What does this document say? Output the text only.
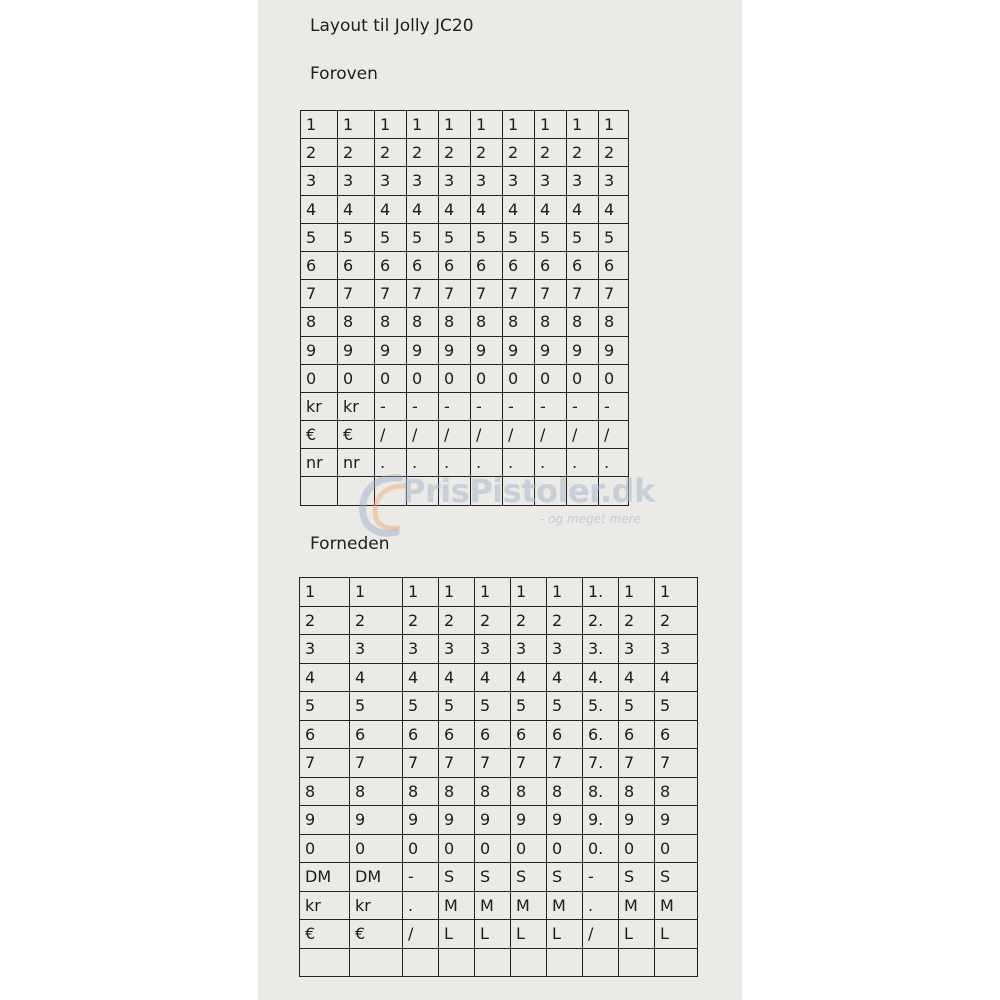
Layout til Jolly JC20
Foroven
1	1	1	1	1	1	1	1	1	1
2	2	2	2	2	2	2	2	2	2
3	3	3	3	3	3	3	3	3	3
4	4	4	4	4	4	4	4	4	4
5	5	5	5	5	5	5	5	5	5
6	6	6	6	6	6	6	6	6	6
7	7	7	7	7	7	7	7	7	7
8	8	8	8	8	8	8	8	8	8
9	9	9	9	9	9	9	9	9	9
0	0	0	0	0	0	0	0	0	0
kr	kr	-	-	-	-	-	-	-	-
€	€	/	/	/	/	/	/	/	/
nr	nr	.	.	.	.	.	.	.	.

Forneden
1	1	1	1	1	1	1	1.	1	1
2	2	2	2	2	2	2	2.	2	2
3	3	3	3	3	3	3	3.	3	3
4	4	4	4	4	4	4	4.	4	4
5	5	5	5	5	5	5	5.	5	5
6	6	6	6	6	6	6	6.	6	6
7	7	7	7	7	7	7	7.	7	7
8	8	8	8	8	8	8	8.	8	8
9	9	9	9	9	9	9	9.	9	9
0	0	0	0	0	0	0	0.	0	0
DM	DM	-	S	S	S	S	-	S	S
kr	kr	.	M	M	M	M	.	M	M
€	€	/	L	L	L	L	/	L	L

PrisPistoler.dk
- og meget mere
